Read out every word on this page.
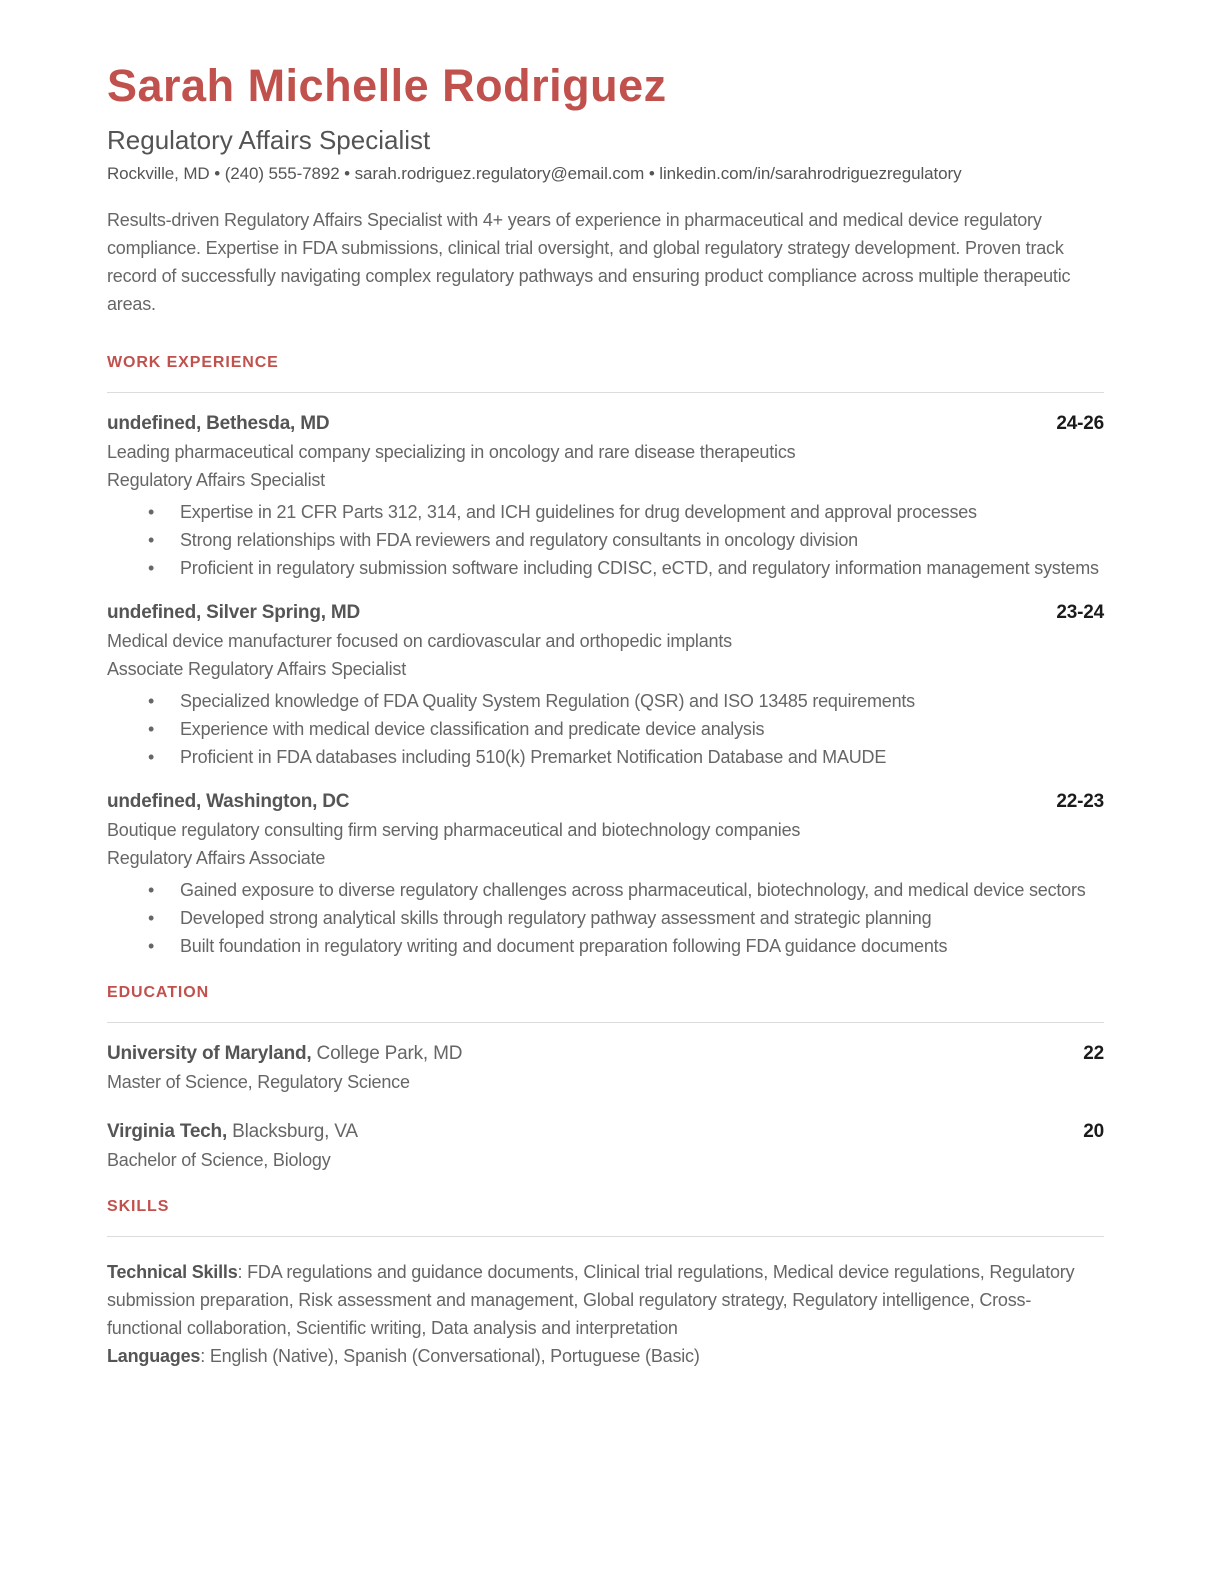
Sarah Michelle Rodriguez
Regulatory Affairs Specialist
Rockville, MD • (240) 555-7892 • sarah.rodriguez.regulatory@email.com • linkedin.com/in/sarahrodriguezregulatory

Results-driven Regulatory Affairs Specialist with 4+ years of experience in pharmaceutical and medical device regulatory compliance. Expertise in FDA submissions, clinical trial oversight, and global regulatory strategy development. Proven track record of successfully navigating complex regulatory pathways and ensuring product compliance across multiple therapeutic areas.

WORK EXPERIENCE
undefined, Bethesda, MD	24-26
Leading pharmaceutical company specializing in oncology and rare disease therapeutics
Regulatory Affairs Specialist
• Expertise in 21 CFR Parts 312, 314, and ICH guidelines for drug development and approval processes
• Strong relationships with FDA reviewers and regulatory consultants in oncology division
• Proficient in regulatory submission software including CDISC, eCTD, and regulatory information management systems
undefined, Silver Spring, MD	23-24
Medical device manufacturer focused on cardiovascular and orthopedic implants
Associate Regulatory Affairs Specialist
• Specialized knowledge of FDA Quality System Regulation (QSR) and ISO 13485 requirements
• Experience with medical device classification and predicate device analysis
• Proficient in FDA databases including 510(k) Premarket Notification Database and MAUDE
undefined, Washington, DC	22-23
Boutique regulatory consulting firm serving pharmaceutical and biotechnology companies
Regulatory Affairs Associate
• Gained exposure to diverse regulatory challenges across pharmaceutical, biotechnology, and medical device sectors
• Developed strong analytical skills through regulatory pathway assessment and strategic planning
• Built foundation in regulatory writing and document preparation following FDA guidance documents
EDUCATION
University of Maryland, College Park, MD	22
Master of Science, Regulatory Science
Virginia Tech, Blacksburg, VA	20
Bachelor of Science, Biology
SKILLS

Technical Skills: FDA regulations and guidance documents, Clinical trial regulations, Medical device regulations, Regulatory submission preparation, Risk assessment and management, Global regulatory strategy, Regulatory intelligence, Cross-functional collaboration, Scientific writing, Data analysis and interpretation

Languages: English (Native), Spanish (Conversational), Portuguese (Basic)
